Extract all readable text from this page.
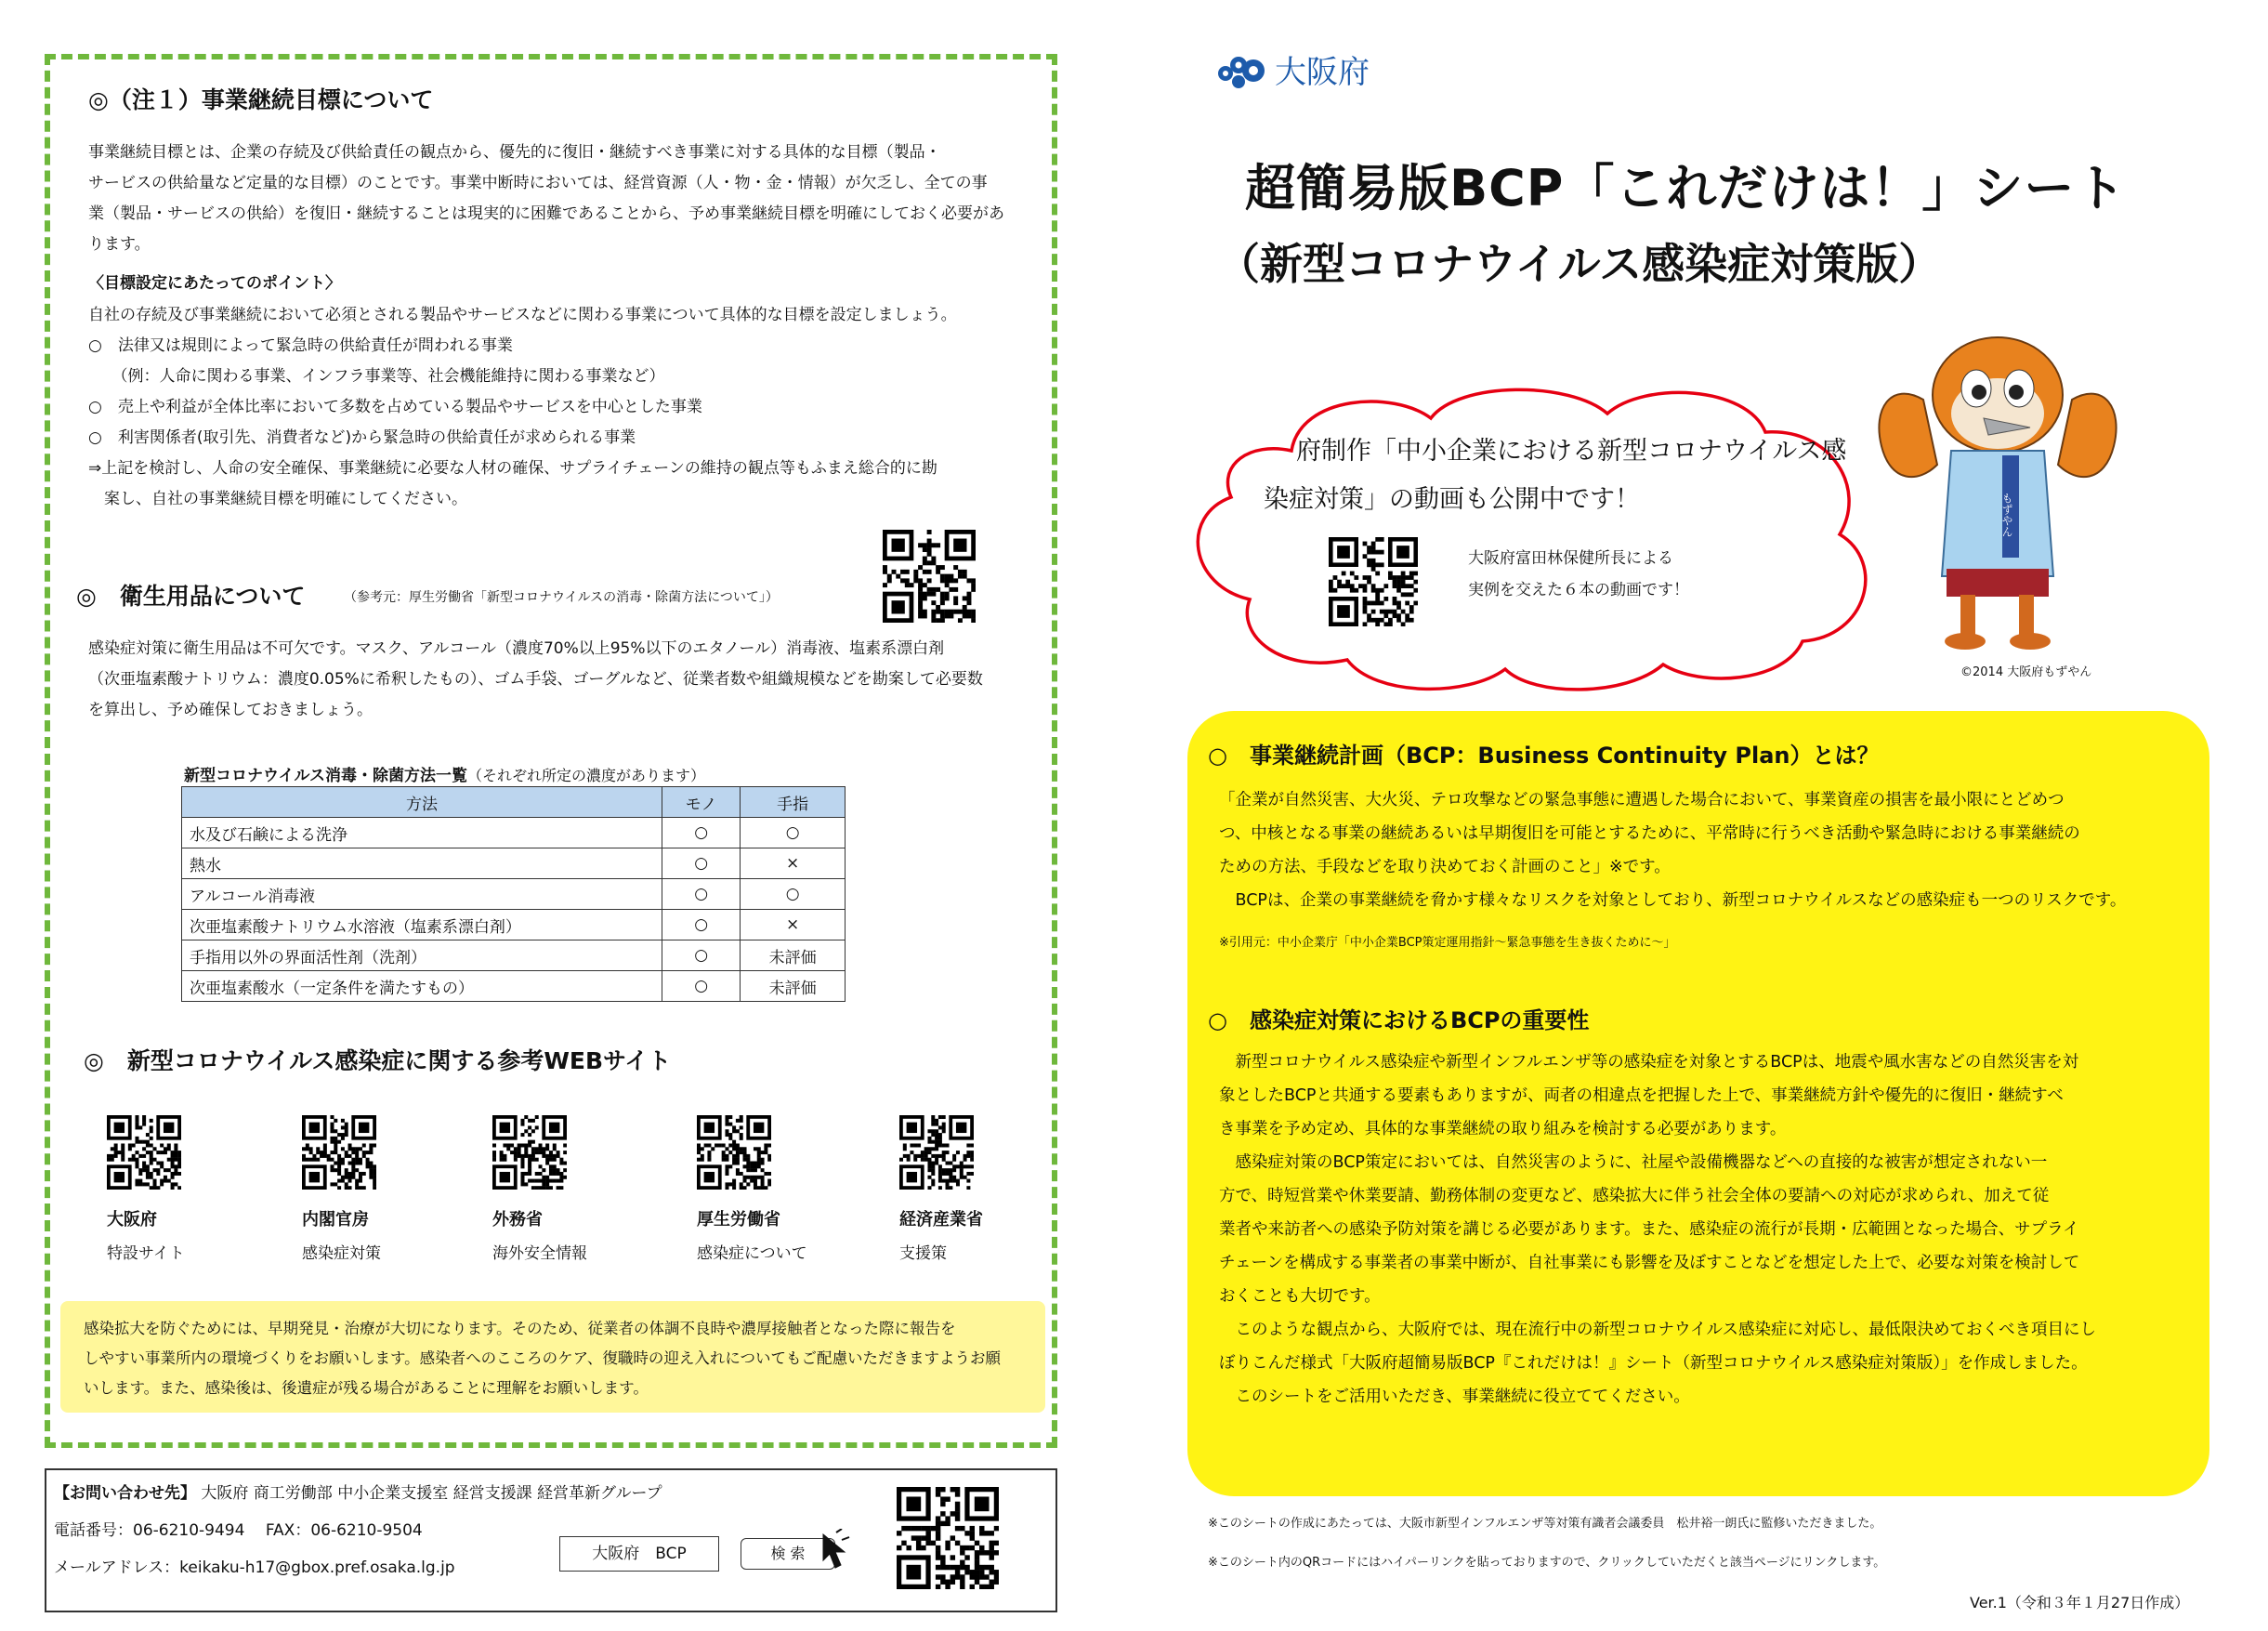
◎（注１）事業継続目標について
事業継続目標とは、企業の存続及び供給責任の観点から、優先的に復旧・継続すべき事業に対する具体的な目標（製品・
サービスの供給量など定量的な目標）のことです。事業中断時においては、経営資源（人・物・金・情報）が欠乏し、全ての事
業（製品・サービスの供給）を復旧・継続することは現実的に困難であることから、予め事業継続目標を明確にしておく必要があ
ります。
〈目標設定にあたってのポイント〉
自社の存続及び事業継続において必須とされる製品やサービスなどに関わる事業について具体的な目標を設定しましょう。
○　法律又は規則によって緊急時の供給責任が問われる事業
　　（例：人命に関わる事業、インフラ事業等、社会機能維持に関わる事業など）
○　売上や利益が全体比率において多数を占めている製品やサービスを中心とした事業
○　利害関係者(取引先、消費者など)から緊急時の供給責任が求められる事業
⇒上記を検討し、人命の安全確保、事業継続に必要な人材の確保、サプライチェーンの維持の観点等もふまえ総合的に勘
　案し、自社の事業継続目標を明確にしてください。
◎　衛生用品について	（参考元：厚生労働省「新型コロナウイルスの消毒・除菌方法について」）
感染症対策に衛生用品は不可欠です。マスク、アルコール（濃度70%以上95%以下のエタノール）消毒液、塩素系漂白剤
（次亜塩素酸ナトリウム：濃度0.05%に希釈したもの）、ゴム手袋、ゴーグルなど、従業者数や組織規模などを勘案して必要数
を算出し、予め確保しておきましょう。
新型コロナウイルス消毒・除菌方法一覧（それぞれ所定の濃度があります）
方法	モノ	手指
水及び石鹸による洗浄	○	○
熱水	○	×
アルコール消毒液	○	○
次亜塩素酸ナトリウム水溶液（塩素系漂白剤）	○	×
手指用以外の界面活性剤（洗剤）	○	未評価
次亜塩素酸水（一定条件を満たすもの）	○	未評価
◎　新型コロナウイルス感染症に関する参考WEBサイト
大阪府
特設サイト
内閣官房
感染症対策
外務省
海外安全情報
厚生労働省
感染症について
経済産業省
支援策
感染拡大を防ぐためには、早期発見・治療が大切になります。そのため、従業者の体調不良時や濃厚接触者となった際に報告を
しやすい事業所内の環境づくりをお願いします。感染者へのこころのケア、復職時の迎え入れについてもご配慮いただきますようお願
いします。また、感染後は、後遺症が残る場合があることに理解をお願いします。
【お問い合わせ先】 大阪府 商工労働部 中小企業支援室 経営支援課 経営革新グループ
電話番号：06-6210-9494　 FAX：06-6210-9504
メールアドレス：keikaku-h17@gbox.pref.osaka.lg.jp
大阪府　BCP	検 索
大阪府
超簡易版BCP「これだけは！」シート
（新型コロナウイルス感染症対策版）
府制作「中小企業における新型コロナウイルス感
染症対策」の動画も公開中です！
大阪府富田林保健所長による
実例を交えた６本の動画です！
もずやん
©2014 大阪府もずやん
○　事業継続計画（BCP：Business Continuity Plan）とは？
「企業が自然災害、大火災、テロ攻撃などの緊急事態に遭遇した場合において、事業資産の損害を最小限にとどめつ
つ、中核となる事業の継続あるいは早期復旧を可能とするために、平常時に行うべき活動や緊急時における事業継続の
ための方法、手段などを取り決めておく計画のこと」※です。
　BCPは、企業の事業継続を脅かす様々なリスクを対象としており、新型コロナウイルスなどの感染症も一つのリスクです。
※引用元：中小企業庁「中小企業BCP策定運用指針～緊急事態を生き抜くために～」
○　感染症対策におけるBCPの重要性
　新型コロナウイルス感染症や新型インフルエンザ等の感染症を対象とするBCPは、地震や風水害などの自然災害を対
象としたBCPと共通する要素もありますが、両者の相違点を把握した上で、事業継続方針や優先的に復旧・継続すべ
き事業を予め定め、具体的な事業継続の取り組みを検討する必要があります。
　感染症対策のBCP策定においては、自然災害のように、社屋や設備機器などへの直接的な被害が想定されない一
方で、時短営業や休業要請、勤務体制の変更など、感染拡大に伴う社会全体の要請への対応が求められ、加えて従
業者や来訪者への感染予防対策を講じる必要があります。また、感染症の流行が長期・広範囲となった場合、サプライ
チェーンを構成する事業者の事業中断が、自社事業にも影響を及ぼすことなどを想定した上で、必要な対策を検討して
おくことも大切です。
　このような観点から、大阪府では、現在流行中の新型コロナウイルス感染症に対応し、最低限決めておくべき項目にし
ぼりこんだ様式「大阪府超簡易版BCP『これだけは！』シート（新型コロナウイルス感染症対策版）」を作成しました。
　このシートをご活用いただき、事業継続に役立ててください。
※このシートの作成にあたっては、大阪市新型インフルエンザ等対策有識者会議委員　松井裕一朗氏に監修いただきました。
※このシート内のQRコードにはハイパーリンクを貼っておりますので、クリックしていただくと該当ページにリンクします。
Ver.1（令和３年１月27日作成）
